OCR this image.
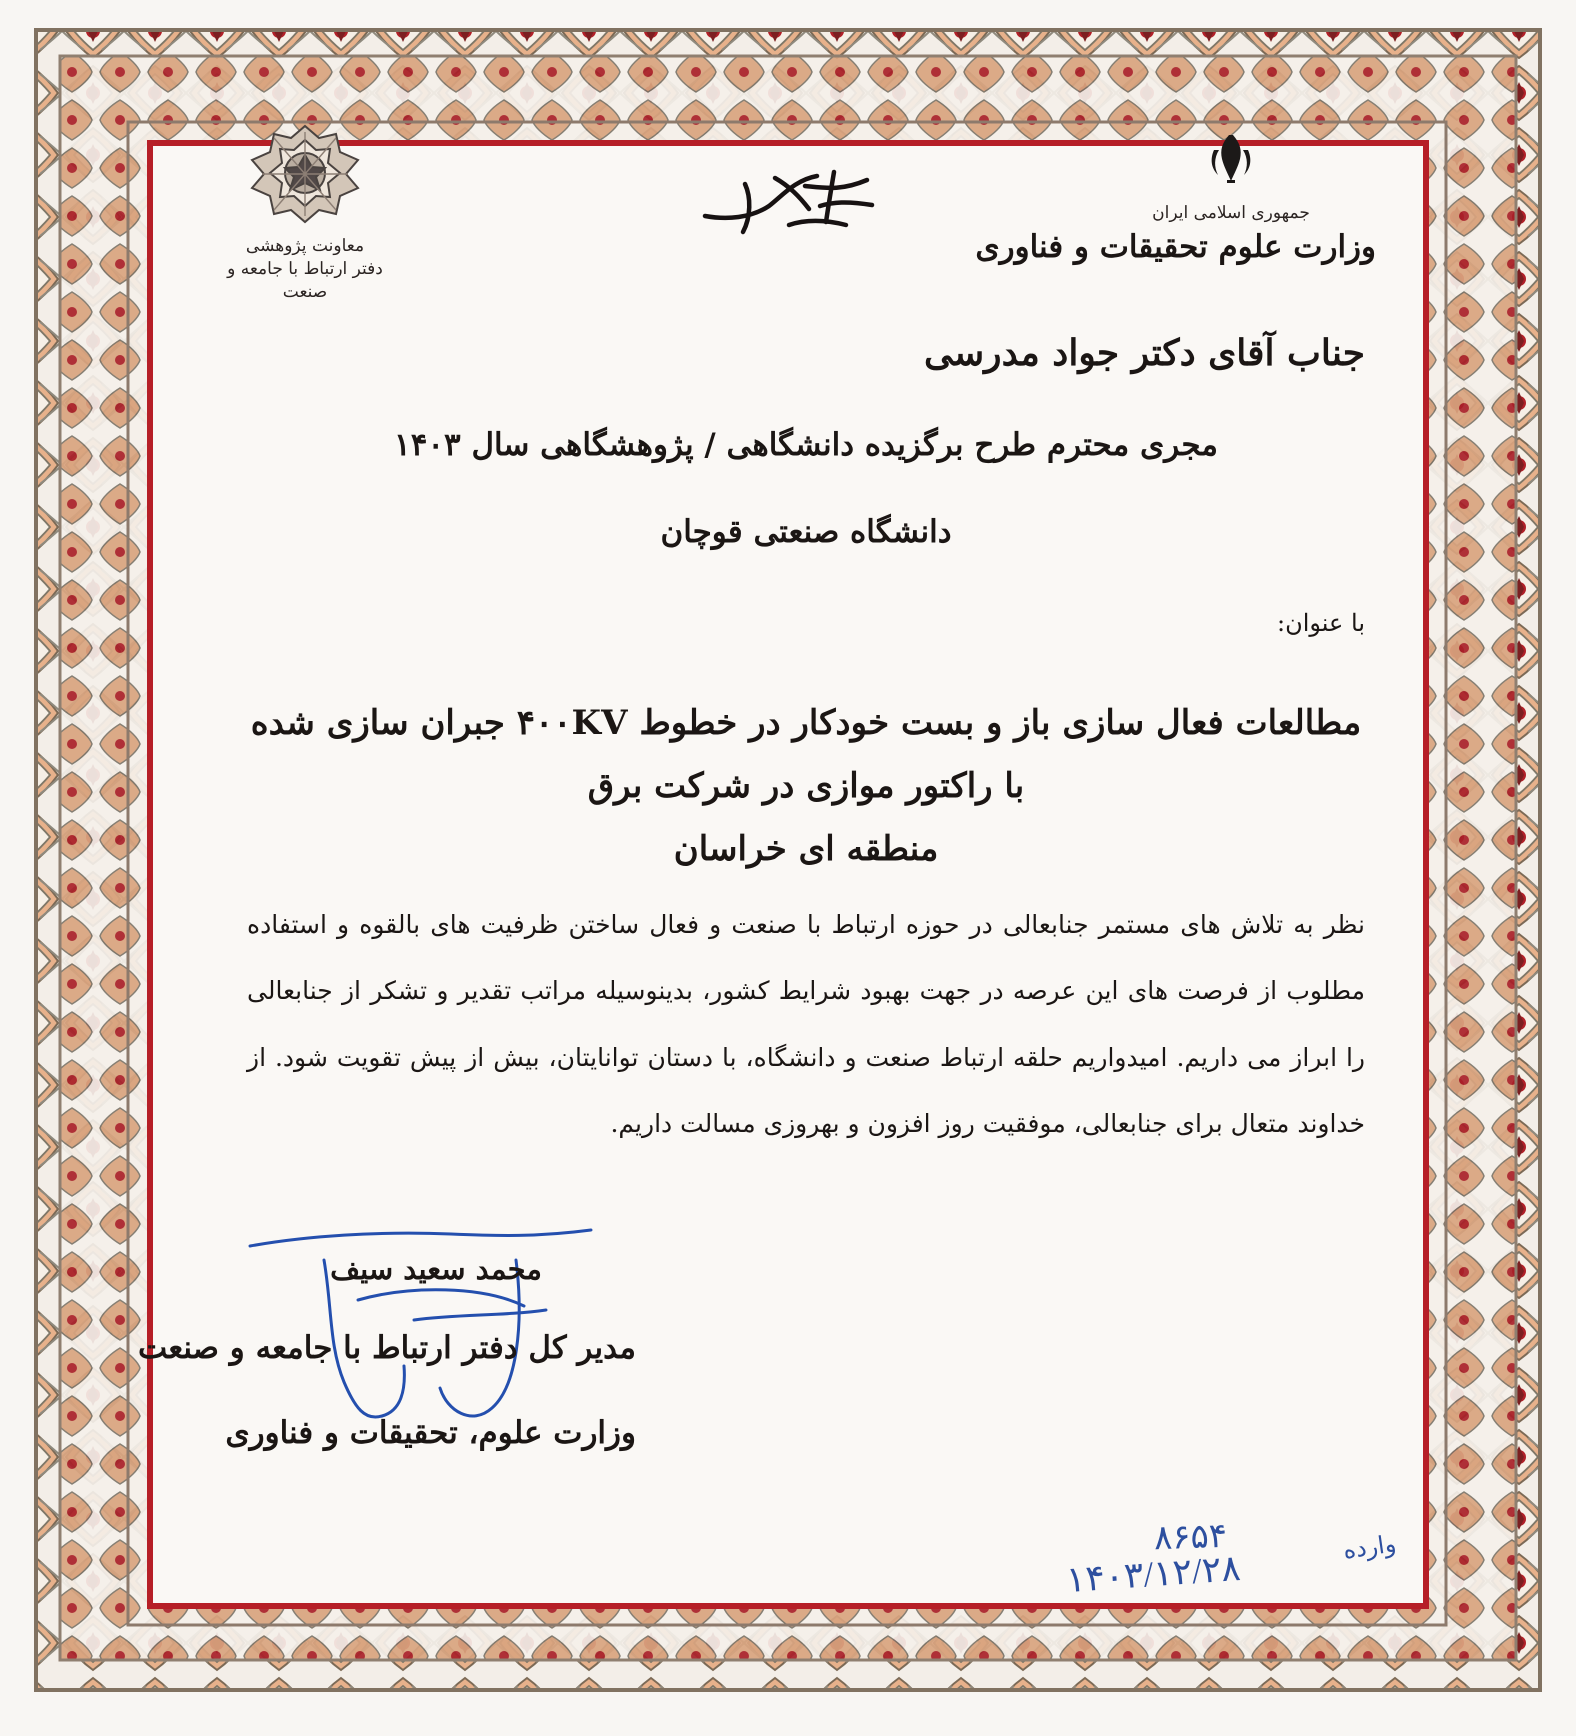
معاونت پژوهشی
دفتر ارتباط با جامعه و صنعت
جمهوری اسلامی ایران
وزارت علوم تحقیقات و فناوری
جناب آقای دکتر جواد مدرسی
مجری محترم طرح برگزیده دانشگاهی / پژوهشگاهی سال ۱۴۰۳
دانشگاه صنعتی قوچان
با عنوان:
مطالعات فعال سازی باز و بست خودکار در خطوط ۴۰۰KV جبران سازی شده با راکتور موازی در شرکت برق
منطقه ای خراسان
نظر به تلاش های مستمر جنابعالی در حوزه ارتباط با صنعت و فعال ساختن ظرفیت های بالقوه و استفاده مطلوب از فرصت های این عرصه در جهت بهبود شرایط کشور، بدینوسیله مراتب تقدیر و تشکر از جنابعالی را ابراز می داریم. امیدواریم حلقه ارتباط صنعت و دانشگاه، با دستان توانایتان، بیش از پیش تقویت شود. از خداوند متعال برای جنابعالی، موفقیت روز افزون و بهروزی مسالت داریم.
محمد سعید سیف
مدیر کل دفتر ارتباط با جامعه و صنعت
وزارت علوم، تحقیقات و فناوری
وارده
۸۶۵۴
۱۴۰۳/۱۲/۲۸
